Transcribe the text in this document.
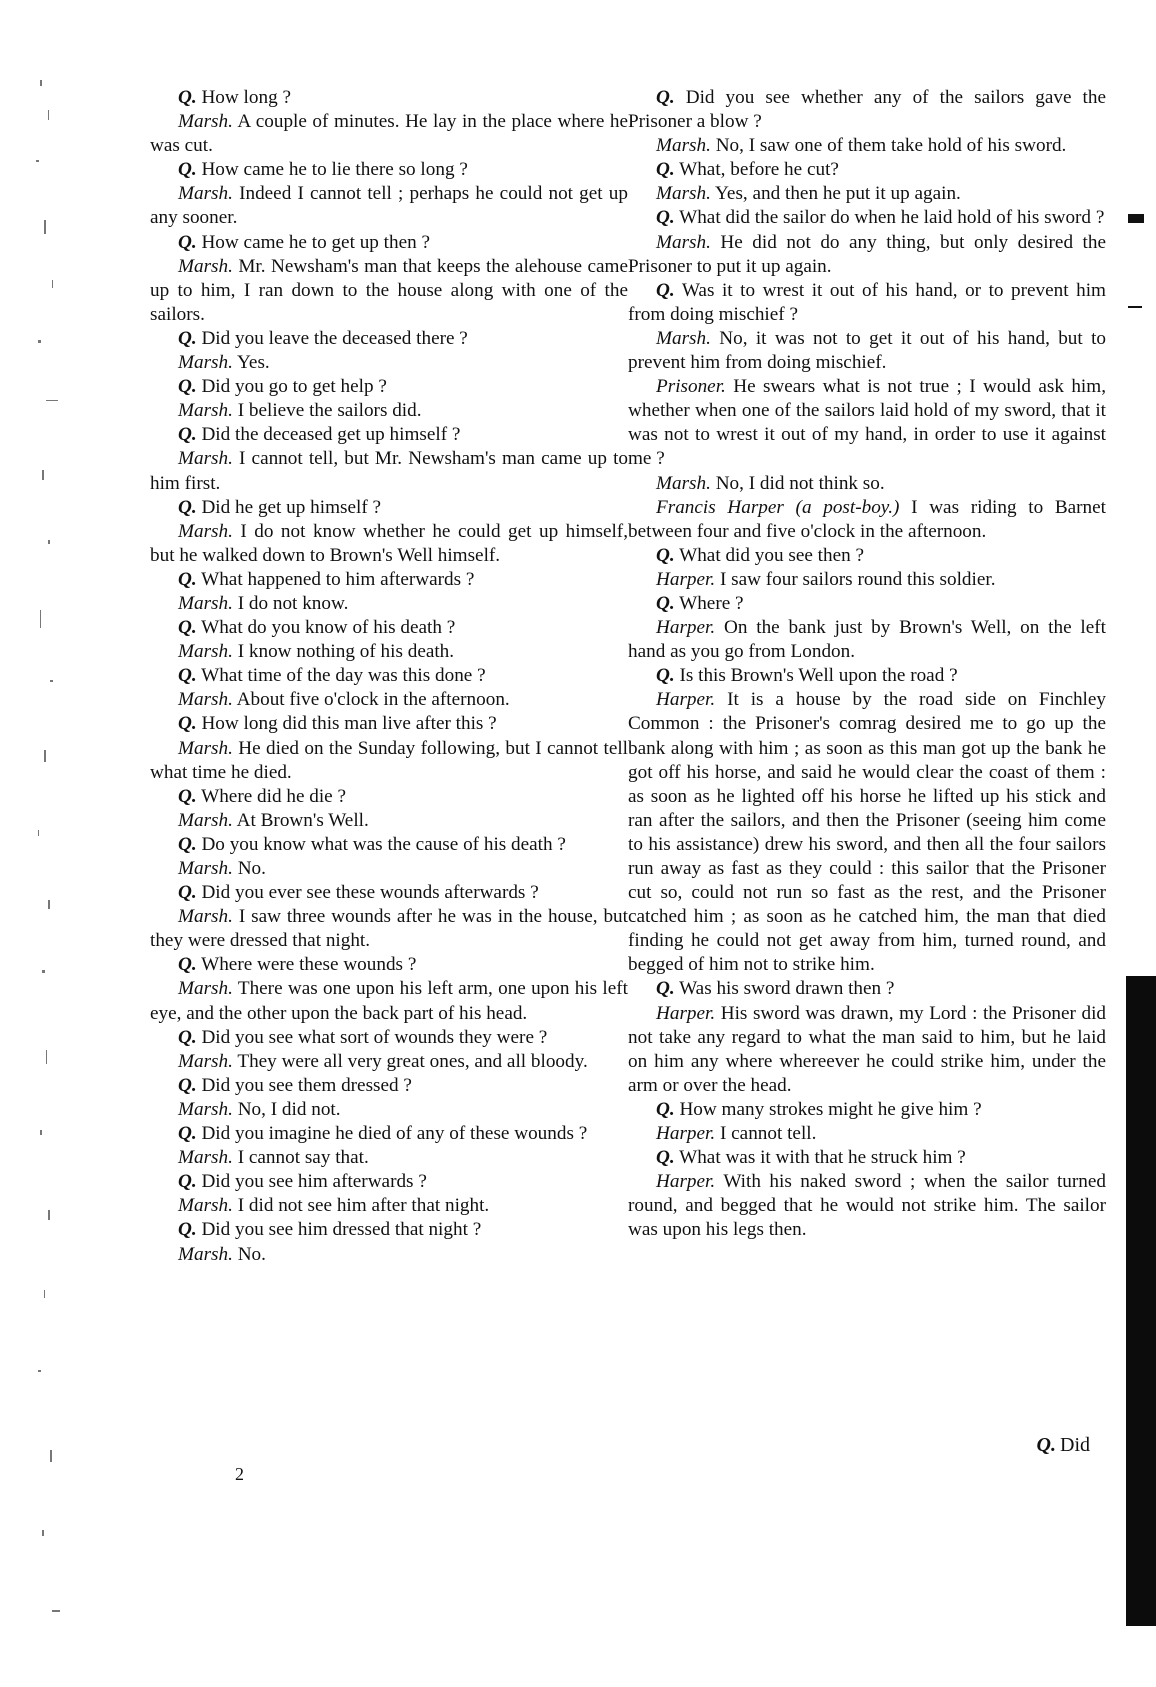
Q. How long ?

Marsh. A couple of minutes. He lay in the place where he was cut.

Q. How came he to lie there so long ?

Marsh. Indeed I cannot tell ; perhaps he could not get up any sooner.

Q. How came he to get up then ?

Marsh. Mr. Newsham's man that keeps the alehouse came up to him, I ran down to the house along with one of the sailors.

Q. Did you leave the deceased there ?

Marsh. Yes.

Q. Did you go to get help ?

Marsh. I believe the sailors did.

Q. Did the deceased get up himself ?

Marsh. I cannot tell, but Mr. Newsham's man came up to him first.

Q. Did he get up himself ?

Marsh. I do not know whether he could get up himself, but he walked down to Brown's Well himself.

Q. What happened to him afterwards ?

Marsh. I do not know.

Q. What do you know of his death ?

Marsh. I know nothing of his death.

Q. What time of the day was this done ?

Marsh. About five o'clock in the afternoon.

Q. How long did this man live after this ?

Marsh. He died on the Sunday following, but I cannot tell what time he died.

Q. Where did he die ?

Marsh. At Brown's Well.

Q. Do you know what was the cause of his death ?

Marsh. No.

Q. Did you ever see these wounds afterwards ?

Marsh. I saw three wounds after he was in the house, but they were dressed that night.

Q. Where were these wounds ?

Marsh. There was one upon his left arm, one upon his left eye, and the other upon the back part of his head.

Q. Did you see what sort of wounds they were ?

Marsh. They were all very great ones, and all bloody.

Q. Did you see them dressed ?

Marsh. No, I did not.

Q. Did you imagine he died of any of these wounds ?

Marsh. I cannot say that.

Q. Did you see him afterwards ?

Marsh. I did not see him after that night.

Q. Did you see him dressed that night ?

Marsh. No.

Q. Did you see whether any of the sailors gave the Prisoner a blow ?

Marsh. No, I saw one of them take hold of his sword.

Q. What, before he cut?

Marsh. Yes, and then he put it up again.

Q. What did the sailor do when he laid hold of his sword ?

Marsh. He did not do any thing, but only desired the Prisoner to put it up again.

Q. Was it to wrest it out of his hand, or to prevent him from doing mischief ?

Marsh. No, it was not to get it out of his hand, but to prevent him from doing mischief.

Prisoner. He swears what is not true ; I would ask him, whether when one of the sailors laid hold of my sword, that it was not to wrest it out of my hand, in order to use it against me ?

Marsh. No, I did not think so.

Francis Harper (a post-boy.) I was riding to Barnet between four and five o'clock in the afternoon.

Q. What did you see then ?

Harper. I saw four sailors round this soldier.

Q. Where ?

Harper. On the bank just by Brown's Well, on the left hand as you go from London.

Q. Is this Brown's Well upon the road ?

Harper. It is a house by the road side on Finchley Common : the Prisoner's comrag desired me to go up the bank along with him ; as soon as this man got up the bank he got off his horse, and said he would clear the coast of them : as soon as he lighted off his horse he lifted up his stick and ran after the sailors, and then the Prisoner (seeing him come to his assistance) drew his sword, and then all the four sailors run away as fast as they could : this sailor that the Prisoner cut so, could not run so fast as the rest, and the Prisoner catched him ; as soon as he catched him, the man that died finding he could not get away from him, turned round, and begged of him not to strike him.

Q. Was his sword drawn then ?

Harper. His sword was drawn, my Lord : the Prisoner did not take any regard to what the man said to him, but he laid on him any where whereever he could strike him, under the arm or over the head.

Q. How many strokes might he give him ?

Harper. I cannot tell.

Q. What was it with that he struck him ?

Harper. With his naked sword ; when the sailor turned round, and begged that he would not strike him. The sailor was upon his legs then.

2
Q. Did
